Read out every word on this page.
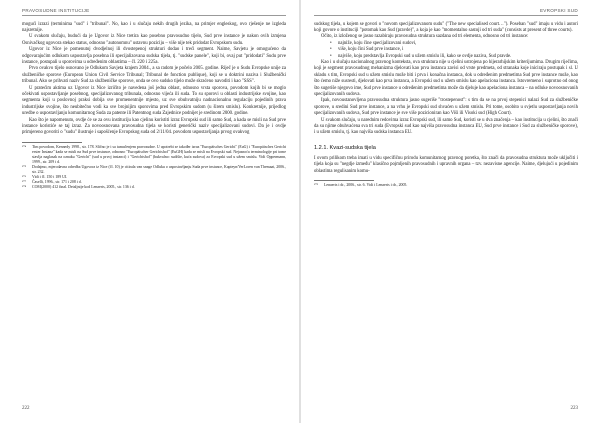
PRAVOSUDNE INSTITUCIJE

mogući izrazi (terminima "sud" i "tribunal". No, kao i u slučaju nekih drugih jezika, na primjer engleskog, ovo rješenje ne izgleda najsretnije.

U svakom slučaju, budući da je Ugovor iz Nice tretira kao posebno pravosudno tijelo, Sud prve instance je nakon ovih izmjena Osnivačkog ugovora stekao status, odnosno "autonomnu" ustavnu poziciju – više nije tek pridodat Evropskom sudu.

Ugovor iz Nice je pomenutoj dvodjelnoj ili dvostepenoj strukturi dodao i treći segment. Naime, Savjetu je omogućeno da odgovarajućim odlukom uspostavlja posebna ili specijalizovana sudska tijela, tj. "sudske panele", koji bi, ovaj put "pridodati" Sudu prve instance, postupali u sporovima u određenim oblastima – čl. 220 i 225a.

Prvo ovakvo tijelo osnovano je Odlukom Savjeta krajem 2004., a sa radom je počelo 2005. godine. Riječ je o Sudu Evropske unije za službeničke sporove (European Union Civil Service Tribunal; Tribunal de fonction publique), koji se u doktrini naziva i Službenički tribunal. Ako se prihvati naziv Sud za službeničke sporove, onda se ovo sudsko tijelo može skraćeno navoditi i kao "SSS".

U pratećim aktima uz Ugovor iz Nice izričito je navedena još jedna oblast, odnosno vrsta sporova, povodom kojih bi se moglo očekivati uspostavljanje posebnog, specijalizovanog tribunala, odnosno vijeća ili suda. To su sporovi u oblasti industrijske svojine, kao segmenta koji u poslovnoj praksi dobija sve promenentnije mjesto, uz sve obuhvatniju nadnacionalnu regulaciju pojedinih prava industrijske svojine, što neubitečno vodi ka sve brojnijim sporovima pred Evropskim sudom (u širem smislu). Konkretnije, prijedlog uredbe o uspostavljanju komunitarnog Suda za patente ili Patentnog suda Zajednice podnijet je sredinom 2000. godine.

Kao što je napomenuto, ovdje će se za ovu instituciju kao cjelinu koristiti izraz Evropski sud ili samo Sud, a kada se misli na Sud prve instance koristiće se taj izraz. Za novoosnovana pravosudna tijela se koristi generički naziv specijalizovani sudovi. Da je i ovdje primjereno govoriti o "sudu" ilustruje i sapošćenje Evropskog suda od 2/11/04. povodom uspostavljanja prvog ovakvog

¹⁰⁴	Tim povodom, Kennedy 1998., str. 178. Slično je i sa tumačenjem pravosudne. U upotrebi se također izraz "Europäisches Gericht" (EuG) i "Europäisches Gericht erster Instanz" kada se misli na Sud prve instance, odnosno "Europäischer Gerichtshof" (EuGH) kada se misli na Evropski sud. Nejasnoća terminologije pri tome stavlja naglasak na oznaku "Gericht" (sud u prvoj instanci) i "Gerichtshof" (bukvalno: sudište, kuća sudova) za Evropski sud u užem smislu. Vidi Oppermann, 1999., str. 209 i d.
¹⁰⁵	Dodajmo, mjerodavna odredba Ugovora iz Nice (čl. 10) je citirala van snage Odluku o uspostavljanju Suda prve instance, Kapteyn/VerLoren van Themaat, 2006., str. 232.
¹⁰⁶	Vidi i čl. 150 i 189 UI.
¹⁰⁷	Časelli, 1996., str. 171 i 208 i d.
¹⁰⁸	COM(2000) 412 final. Detaljnije kod Lenaerts, 2005., str. 136 i d.
222
EVROPSKI SUD

sudskog tijela, u kojem se govori o "novom specijalizovanom sudu" ("The new specialised court…"). Poseban "sud" imaju u vidu i autori koji govore o instituciji "potomak kao Sud (pravde)", a koja je kao "momentalno sastoji od tri suda" (consists at present of three courts).

Očito, iz izloženog se jasno razabiraju pravosudna struktura sazdana od tri elementa, odnosno od tri instance:

• najniže, koju čine specijalizovani sudovi,
• više, koju čini Sud prve instance, i
• najviše, koju predstavlja Evropski sud u užem smislu ili, kako se ovdje naziva, Sud pravde.

Kao i u slučaju nacionalnog pravnog konteksta, ova struktura nije u cjelini ustrojena po hijerarhijskim kriterijumima. Drugim riječima, koji je segment pravosudnog mehanizma djelovati kao prva instanca zavisi od vrste predmeta, od stranaka koje iniciraju postupak i sl. U skladu s tim, Evropski sud u užem smislu može biti i prva i konačna instanca, dok u određenim predmetima Sud prve instance može, kao što ćemo niže susresti, djelovati kao prva instanca, a Evropski sud u užem smislu kao apelaciona instanca. Istovremeno i suprotno od onog što sugeriše njegovo ime, Sud prve instance u određenim predmetima može da djeluje kao apelaciona instanca – na odluke novoosnovanih specijalizovanih sudova.

Ipak, novoustanovljena pravosudna struktura jasno sugeriše "trostepenost": s tim da se na prvoj stepenici nalazi Sud za službeničke sporove, u sredini Sud prve instance, a na vrhu je Evropski sud shvaćen u užem smislu. Pri tome, osobito u svjetlu uspostavljanja novih specijalizovanih sudova, Sud prve instance je sve više pozicioniran kao Viši ili Visoki sud (High Court).

U svakom slučaju, u narednim redovima izraz Evropski sud, ili samo Sud, koristi se u dva značenja – kao institucija u cjelini, što znači da su njime obuhvaćena sva tri suda (Evropski sud kao najviša pravosudna instanca EU, Sud prve instance i Sud za službeničke sporove), i u užem smislu, tj. kao najviša sudska instanca EU.

1.2.1. Kvazi-sudska tijela

I ovom prilikom treba imati u vidu specifičnu prirodu komunitarnog pravnog poretka, što znači da pravosudna struktura može uključiti i tijela koja su "negdje između" klasično pojmljenih pravosudnih i upravnih organa – tzv. nezavisne agencije. Naime, djelujući u pojedinim oblastima regulisanim komu-

¹⁰⁹	Lenaerts i dr., 2006., str. 6. Vidi i Lenaerts i dr., 2005.
223
